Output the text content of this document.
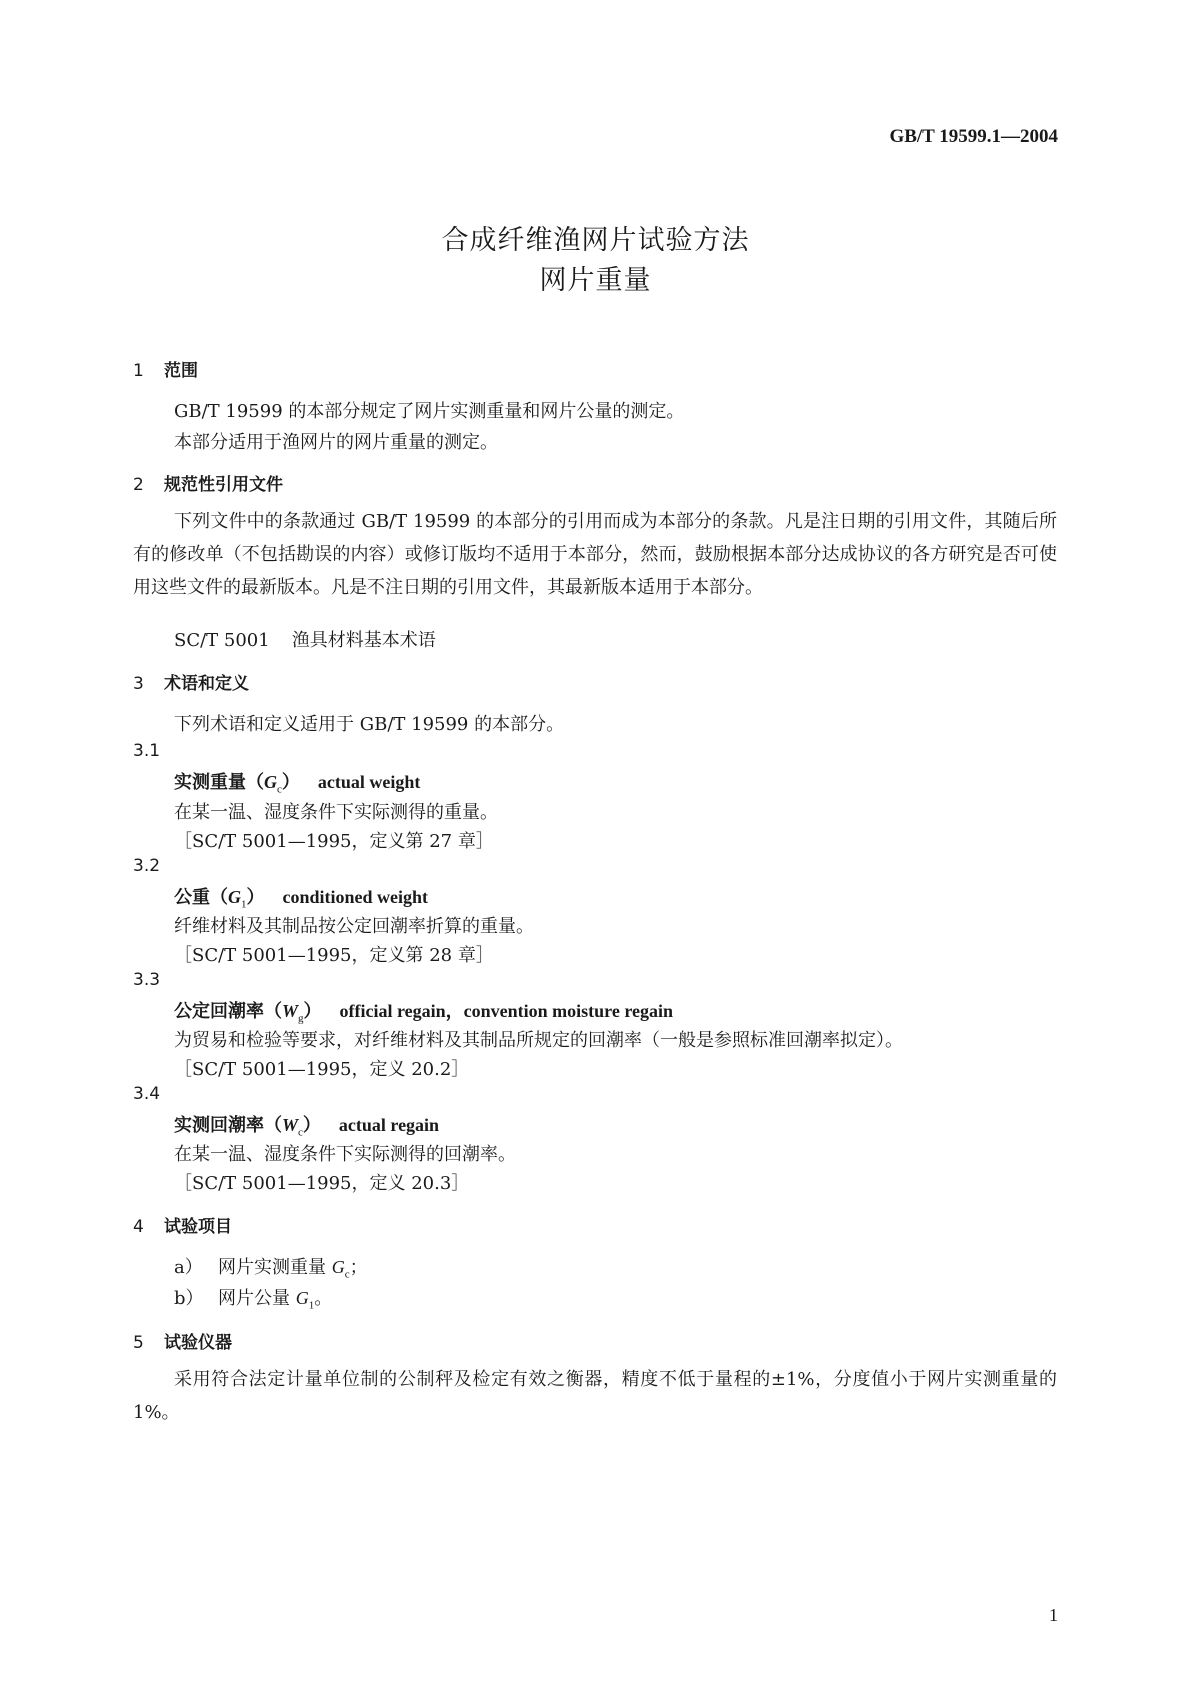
GB/T 19599.1—2004
合成纤维渔网片试验方法
网片重量
1 范围
GB/T 19599 的本部分规定了网片实测重量和网片公量的测定。
本部分适用于渔网片的网片重量的测定。
2 规范性引用文件
下列文件中的条款通过 GB/T 19599 的本部分的引用而成为本部分的条款。凡是注日期的引用文件，其随后所有的修改单（不包括勘误的内容）或修订版均不适用于本部分，然而，鼓励根据本部分达成协议的各方研究是否可使用这些文件的最新版本。凡是不注日期的引用文件，其最新版本适用于本部分。
SC/T 5001 渔具材料基本术语
3 术语和定义
下列术语和定义适用于 GB/T 19599 的本部分。
3.1
实测重量$(G_c)$ actual weight
在某一温、湿度条件下实际测得的重量。
［SC/T 5001—1995，定义第 27 章］
3.2
公重$(G_1)$ conditioned weight
纤维材料及其制品按公定回潮率折算的重量。
［SC/T 5001—1995，定义第 28 章］
3.3
公定回潮率$(W_g)$ official regain，convention moisture regain
为贸易和检验等要求，对纤维材料及其制品所规定的回潮率（一般是参照标准回潮率拟定）。
［SC/T 5001—1995，定义 20.2］
3.4
实测回潮率$(W_c)$ actual regain
在某一温、湿度条件下实际测得的回潮率。
［SC/T 5001—1995，定义 20.3］
4 试验项目
a） 网片实测重量 $G_c$；
b） 网片公量 $G_1$。
5 试验仪器
采用符合法定计量单位制的公制秤及检定有效之衡器，精度不低于量程的±1%，分度值小于网片实测重量的 1%。
1
